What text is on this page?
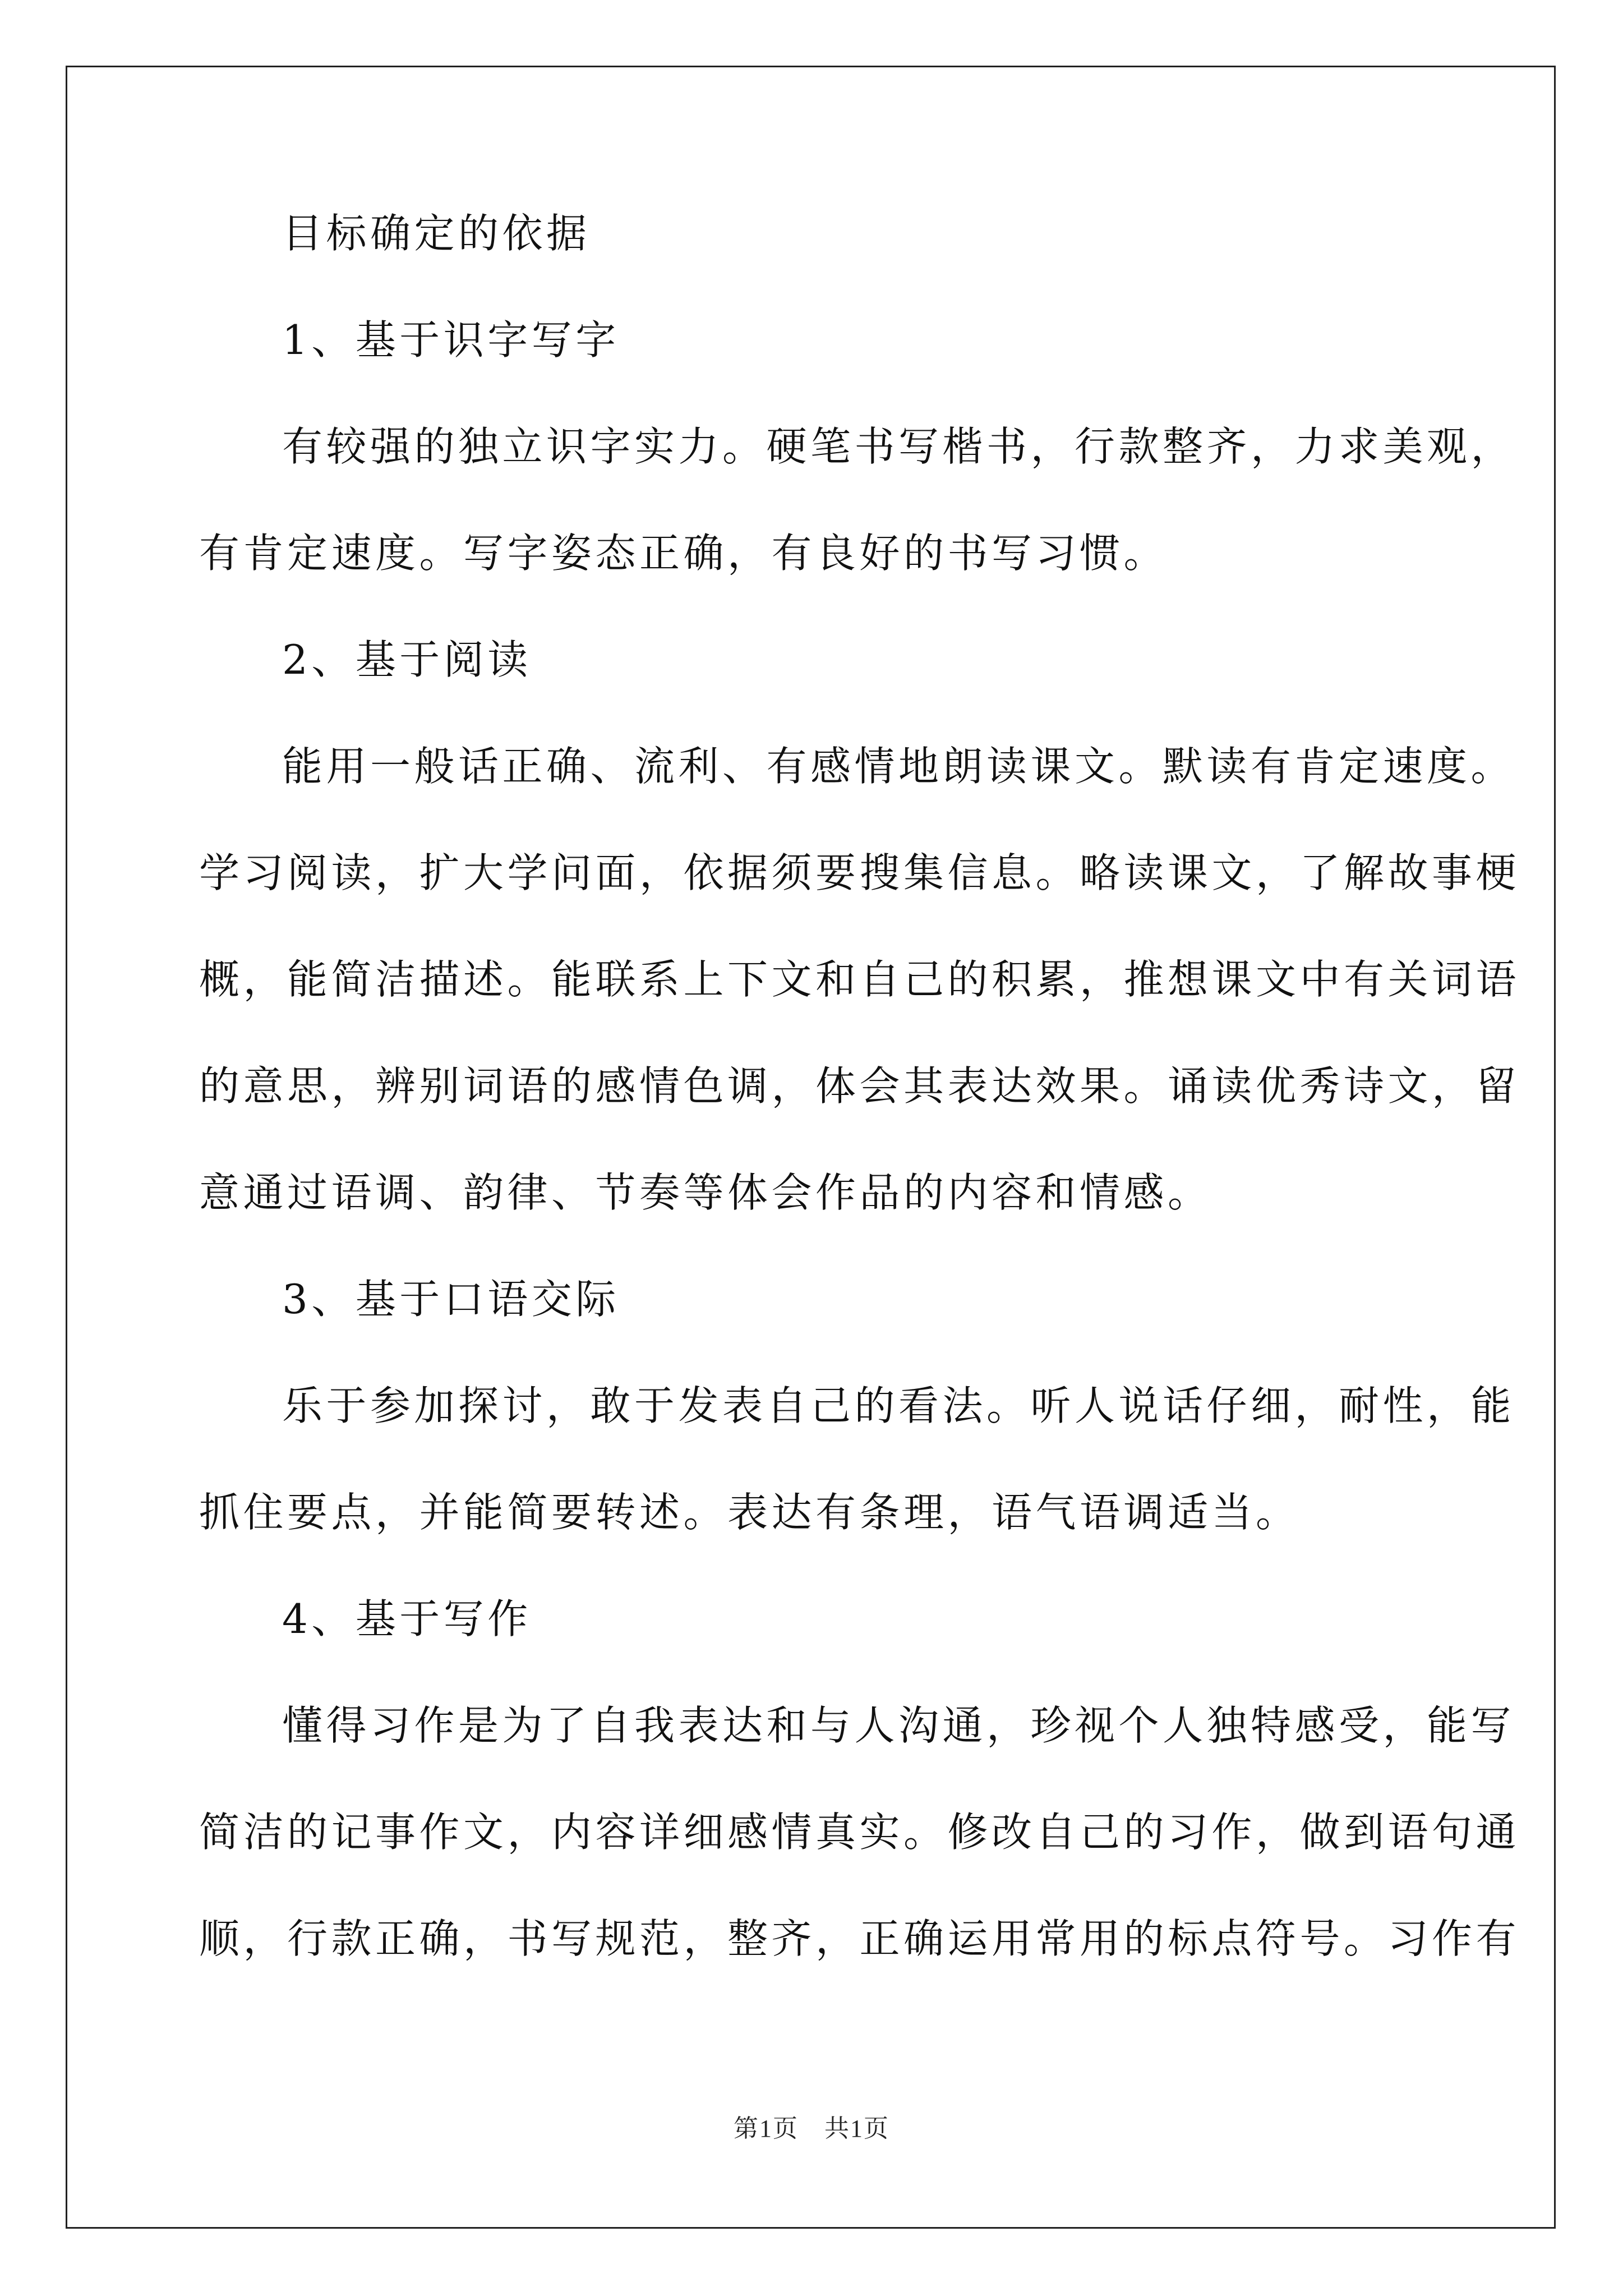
目标确定的依据
1、基于识字写字
有较强的独立识字实力。硬笔书写楷书，行款整齐，力求美观，
有肯定速度。写字姿态正确，有良好的书写习惯。
2、基于阅读
能用一般话正确、流利、有感情地朗读课文。默读有肯定速度。
学习阅读，扩大学问面，依据须要搜集信息。略读课文，了解故事梗
概，能简洁描述。能联系上下文和自己的积累，推想课文中有关词语
的意思，辨别词语的感情色调，体会其表达效果。诵读优秀诗文，留
意通过语调、韵律、节奏等体会作品的内容和情感。
3、基于口语交际
乐于参加探讨，敢于发表自己的看法。听人说话仔细，耐性，能
抓住要点，并能简要转述。表达有条理，语气语调适当。
4、基于写作
懂得习作是为了自我表达和与人沟通，珍视个人独特感受，能写
简洁的记事作文，内容详细感情真实。修改自己的习作，做到语句通
顺，行款正确，书写规范，整齐，正确运用常用的标点符号。习作有
第1页　共1页
